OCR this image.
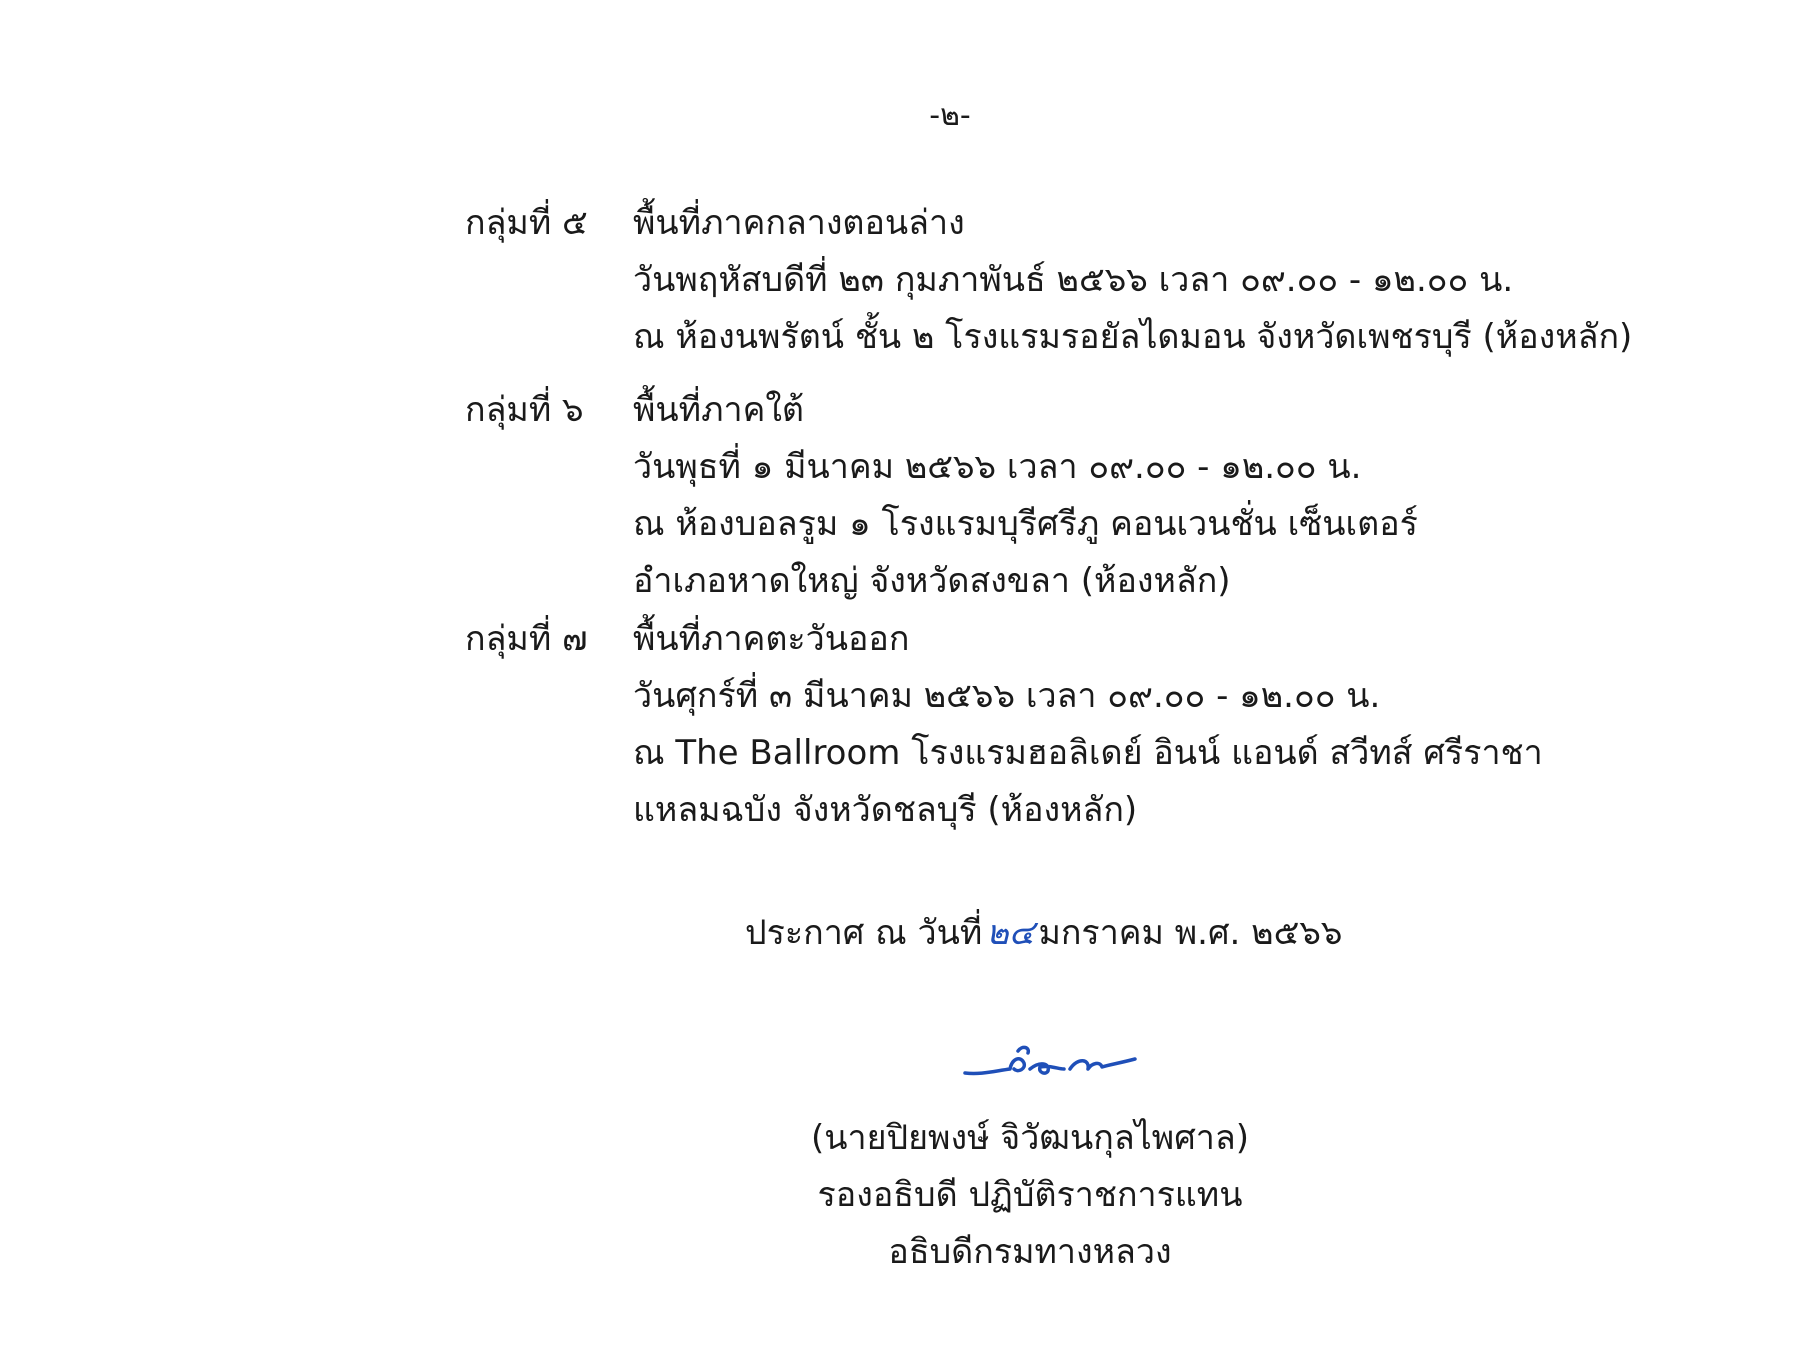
-๒-
กลุ่มที่ ๕ พื้นที่ภาคกลางตอนล่าง
วันพฤหัสบดีที่ ๒๓ กุมภาพันธ์ ๒๕๖๖ เวลา ๐๙.๐๐ - ๑๒.๐๐ น.
ณ ห้องนพรัตน์ ชั้น ๒ โรงแรมรอยัลไดมอน จังหวัดเพชรบุรี (ห้องหลัก)
กลุ่มที่ ๖ พื้นที่ภาคใต้
วันพุธที่ ๑ มีนาคม ๒๕๖๖ เวลา ๐๙.๐๐ - ๑๒.๐๐ น.
ณ ห้องบอลรูม ๑ โรงแรมบุรีศรีภู คอนเวนชั่น เซ็นเตอร์
อำเภอหาดใหญ่ จังหวัดสงขลา (ห้องหลัก)
กลุ่มที่ ๗ พื้นที่ภาคตะวันออก
วันศุกร์ที่ ๓ มีนาคม ๒๕๖๖ เวลา ๐๙.๐๐ - ๑๒.๐๐ น.
ณ The Ballroom โรงแรมฮอลิเดย์ อินน์ แอนด์ สวีทส์ ศรีราชา
แหลมฉบัง จังหวัดชลบุรี (ห้องหลัก)
ประกาศ ณ วันที่ ๒๔ มกราคม พ.ศ. ๒๕๖๖
(นายปิยพงษ์ จิวัฒนกุลไพศาล)
รองอธิบดี ปฏิบัติราชการแทน
อธิบดีกรมทางหลวง
